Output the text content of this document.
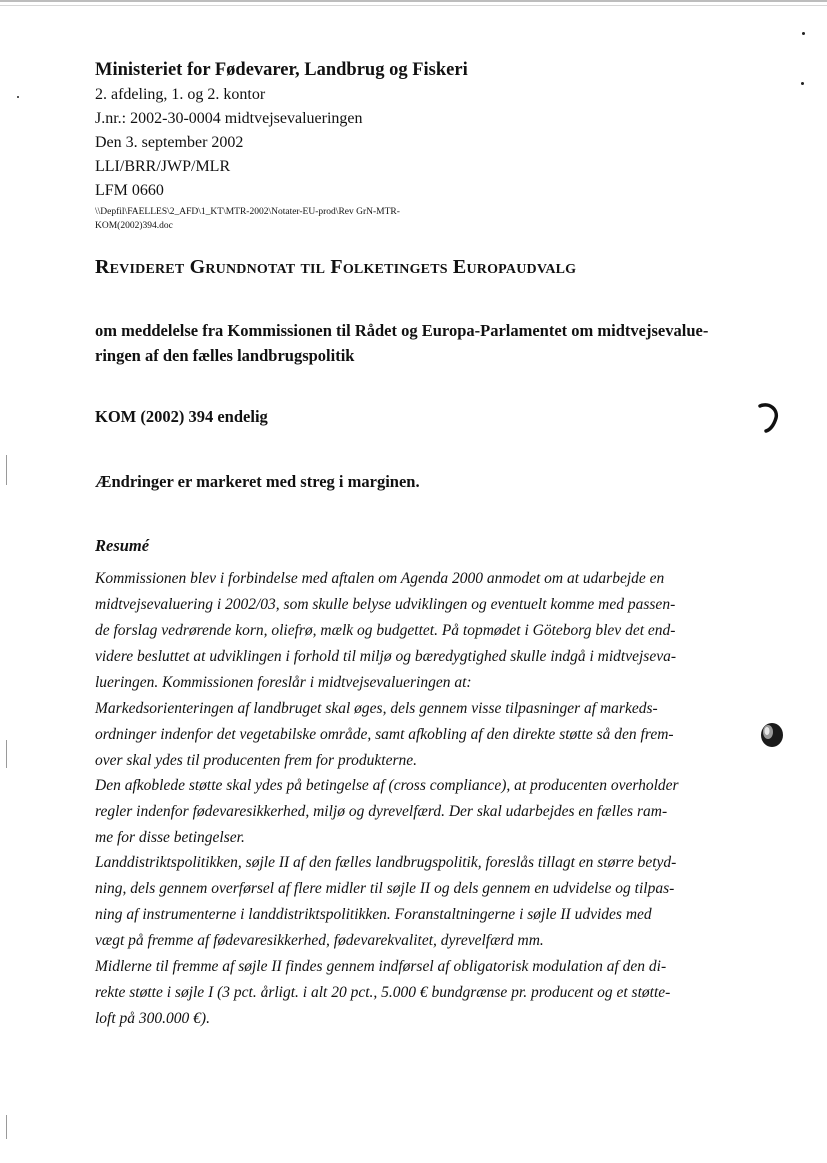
Ministeriet for Fødevarer, Landbrug og Fiskeri
2. afdeling, 1. og 2. kontor
J.nr.: 2002-30-0004 midtvejsevalueringen
Den 3. september 2002
LLI/BRR/JWP/MLR
LFM 0660
\\Depfil\FAELLES\2_AFD\1_KT\MTR-2002\Notater-EU-prod\Rev GrN-MTR-
KOM(2002)394.doc
Revideret Grundnotat til Folketingets Europaudvalg
om meddelelse fra Kommissionen til Rådet og Europa-Parlamentet om midtvejsevalue-
ringen af den fælles landbrugspolitik
KOM (2002) 394 endelig
Ændringer er markeret med streg i marginen.
Resumé
Kommissionen blev i forbindelse med aftalen om Agenda 2000 anmodet om at udarbejde en
midtvejsevaluering i 2002/03, som skulle belyse udviklingen og eventuelt komme med passen-
de forslag vedrørende korn, oliefrø, mælk og budgettet. På topmødet i Göteborg blev det end-
videre besluttet at udviklingen i forhold til miljø og bæredygtighed skulle indgå i midtvejseva-
lueringen. Kommissionen foreslår i midtvejsevalueringen at:
Markedsorienteringen af landbruget skal øges, dels gennem visse tilpasninger af markeds-
ordninger indenfor det vegetabilske område, samt afkobling af den direkte støtte så den frem-
over skal ydes til producenten frem for produkterne.
Den afkoblede støtte skal ydes på betingelse af (cross compliance), at producenten overholder
regler indenfor fødevaresikkerhed, miljø og dyrevelfærd. Der skal udarbejdes en fælles ram-
me for disse betingelser.
Landdistriktspolitikken, søjle II af den fælles landbrugspolitik, foreslås tillagt en større betyd-
ning, dels gennem overførsel af flere midler til søjle II og dels gennem en udvidelse og tilpas-
ning af instrumenterne i landdistriktspolitikken. Foranstaltningerne i søjle II udvides med
vægt på fremme af fødevaresikkerhed, fødevarekvalitet, dyrevelfærd mm.
Midlerne til fremme af søjle II findes gennem indførsel af obligatorisk modulation af den di-
rekte støtte i søjle I (3 pct. årligt. i alt 20 pct., 5.000 € bundgrænse pr. producent og et støtte-
loft på 300.000 €).
